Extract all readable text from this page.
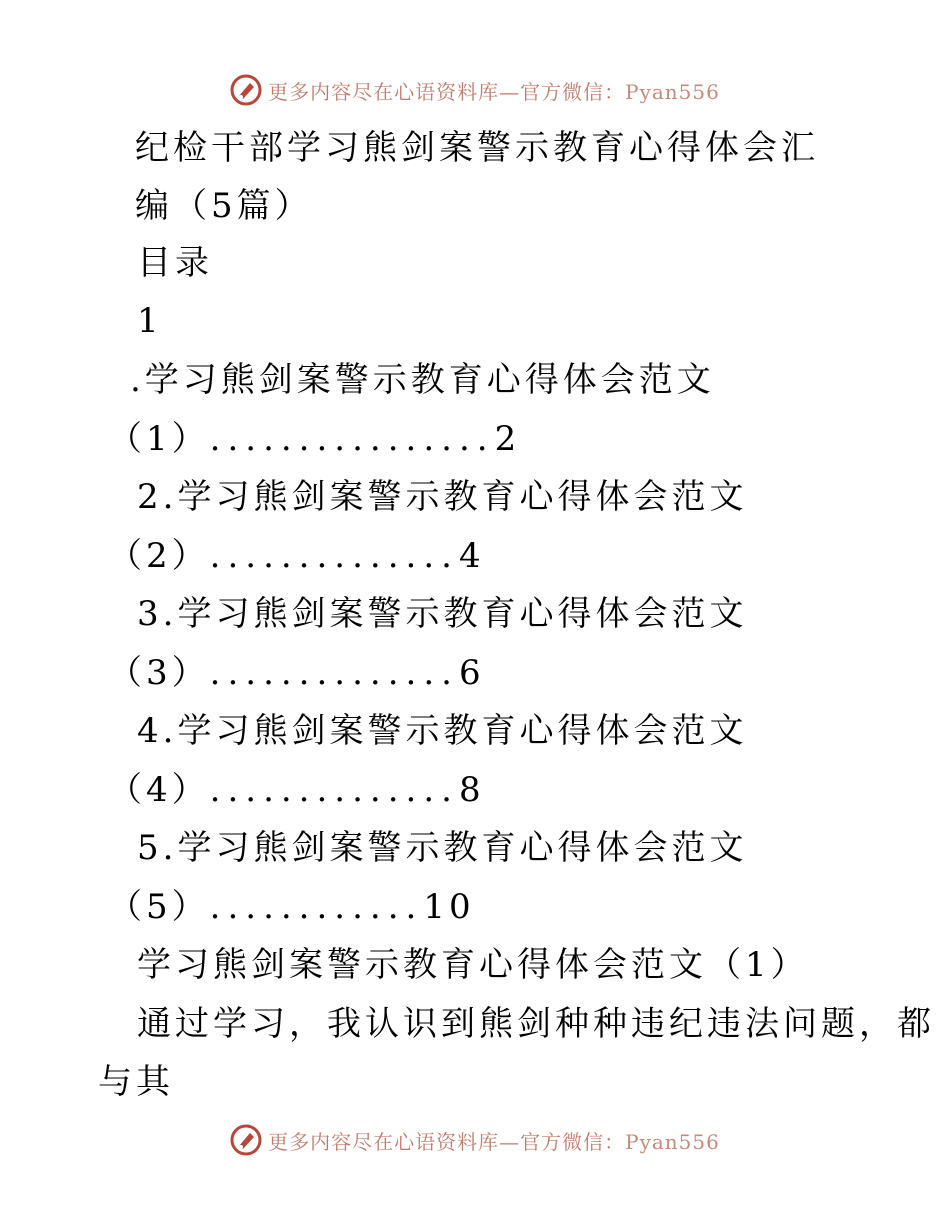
更多内容尽在心语资料库—官方微信：Pyan556
纪检干部学习熊剑案警示教育心得体会汇
编（5篇）
目录
1
.学习熊剑案警示教育心得体会范文
（1）................2
2.学习熊剑案警示教育心得体会范文
（2）..............4
3.学习熊剑案警示教育心得体会范文
（3）..............6
4.学习熊剑案警示教育心得体会范文
（4）..............8
5.学习熊剑案警示教育心得体会范文
（5）............10
学习熊剑案警示教育心得体会范文（1）
通过学习，我认识到熊剑种种违纪违法问题，都
与其
更多内容尽在心语资料库—官方微信：Pyan556
